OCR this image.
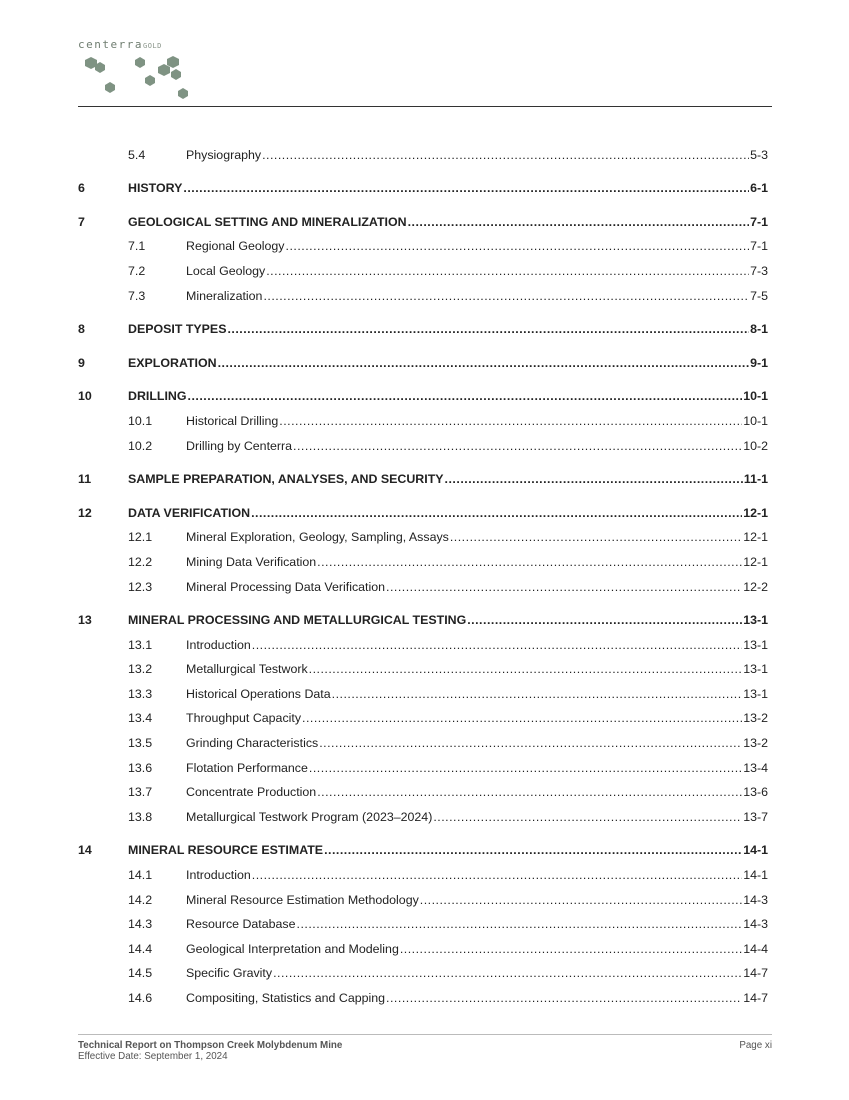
centerraGOLD
5.4	Physiography .....	5-3
6	HISTORY .....	6-1
7	GEOLOGICAL SETTING AND MINERALIZATION .....	7-1
7.1	Regional Geology .....	7-1
7.2	Local Geology .....	7-3
7.3	Mineralization .....	7-5
8	DEPOSIT TYPES .....	8-1
9	EXPLORATION .....	9-1
10	DRILLING .....	10-1
10.1	Historical Drilling .....	10-1
10.2	Drilling by Centerra .....	10-2
11	SAMPLE PREPARATION, ANALYSES, AND SECURITY .....	11-1
12	DATA VERIFICATION .....	12-1
12.1	Mineral Exploration, Geology, Sampling, Assays .....	12-1
12.2	Mining Data Verification .....	12-1
12.3	Mineral Processing Data Verification .....	12-2
13	MINERAL PROCESSING AND METALLURGICAL TESTING .....	13-1
13.1	Introduction .....	13-1
13.2	Metallurgical Testwork .....	13-1
13.3	Historical Operations Data .....	13-1
13.4	Throughput Capacity .....	13-2
13.5	Grinding Characteristics .....	13-2
13.6	Flotation Performance .....	13-4
13.7	Concentrate Production .....	13-6
13.8	Metallurgical Testwork Program (2023–2024) .....	13-7
14	MINERAL RESOURCE ESTIMATE .....	14-1
14.1	Introduction .....	14-1
14.2	Mineral Resource Estimation Methodology .....	14-3
14.3	Resource Database .....	14-3
14.4	Geological Interpretation and Modeling .....	14-4
14.5	Specific Gravity .....	14-7
14.6	Compositing, Statistics and Capping .....	14-7
Technical Report on Thompson Creek Molybdenum Mine
Effective Date: September 1, 2024
Page xi
